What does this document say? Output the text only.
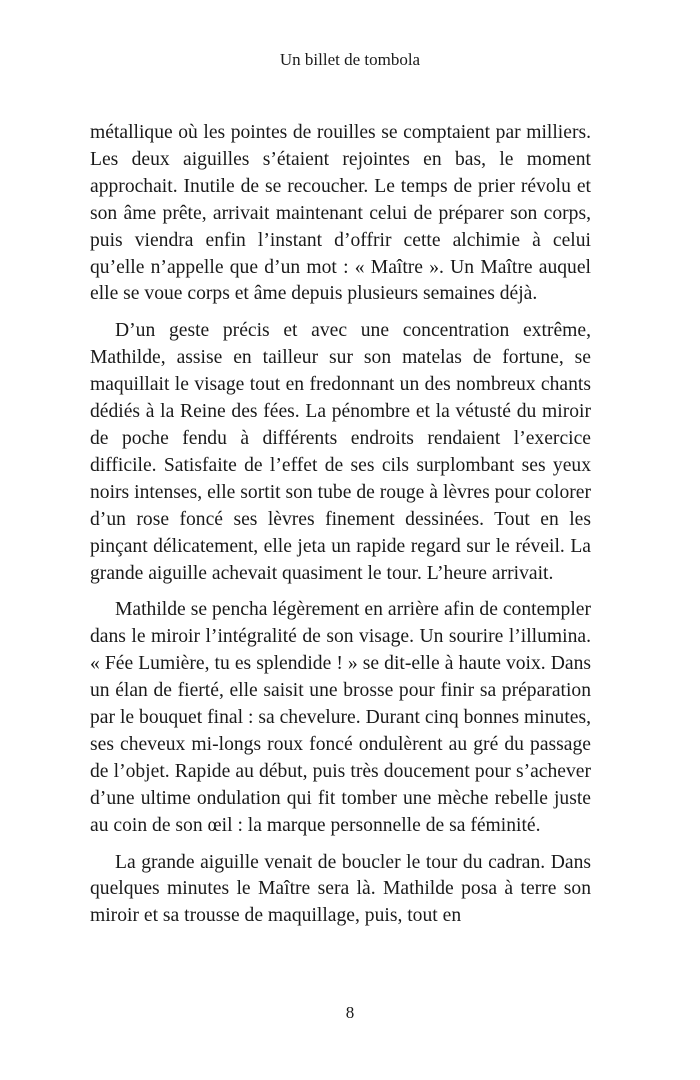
Un billet de tombola

métallique où les pointes de rouilles se comptaient par milliers. Les deux aiguilles s’étaient rejointes en bas, le moment approchait. Inutile de se recoucher. Le temps de prier révolu et son âme prête, arrivait maintenant celui de préparer son corps, puis viendra enfin l’instant d’offrir cette alchimie à celui qu’elle n’appelle que d’un mot : « Maître ». Un Maître auquel elle se voue corps et âme depuis plusieurs semaines déjà.

D’un geste précis et avec une concentration extrême, Mathilde, assise en tailleur sur son matelas de fortune, se maquillait le visage tout en fredonnant un des nombreux chants dédiés à la Reine des fées. La pénombre et la vétusté du miroir de poche fendu à différents endroits rendaient l’exercice difficile. Satisfaite de l’effet de ses cils surplombant ses yeux noirs intenses, elle sortit son tube de rouge à lèvres pour colorer d’un rose foncé ses lèvres finement dessinées. Tout en les pinçant délicatement, elle jeta un rapide regard sur le réveil. La grande aiguille achevait quasiment le tour. L’heure arrivait.

Mathilde se pencha légèrement en arrière afin de contempler dans le miroir l’intégralité de son visage. Un sourire l’illumina. « Fée Lumière, tu es splendide ! » se dit-elle à haute voix. Dans un élan de fierté, elle saisit une brosse pour finir sa préparation par le bouquet final : sa chevelure. Durant cinq bonnes minutes, ses cheveux mi-longs roux foncé ondulèrent au gré du passage de l’objet. Rapide au début, puis très doucement pour s’achever d’une ultime ondulation qui fit tomber une mèche rebelle juste au coin de son œil : la marque personnelle de sa féminité.

La grande aiguille venait de boucler le tour du cadran. Dans quelques minutes le Maître sera là. Mathilde posa à terre son miroir et sa trousse de maquillage, puis, tout en

8
